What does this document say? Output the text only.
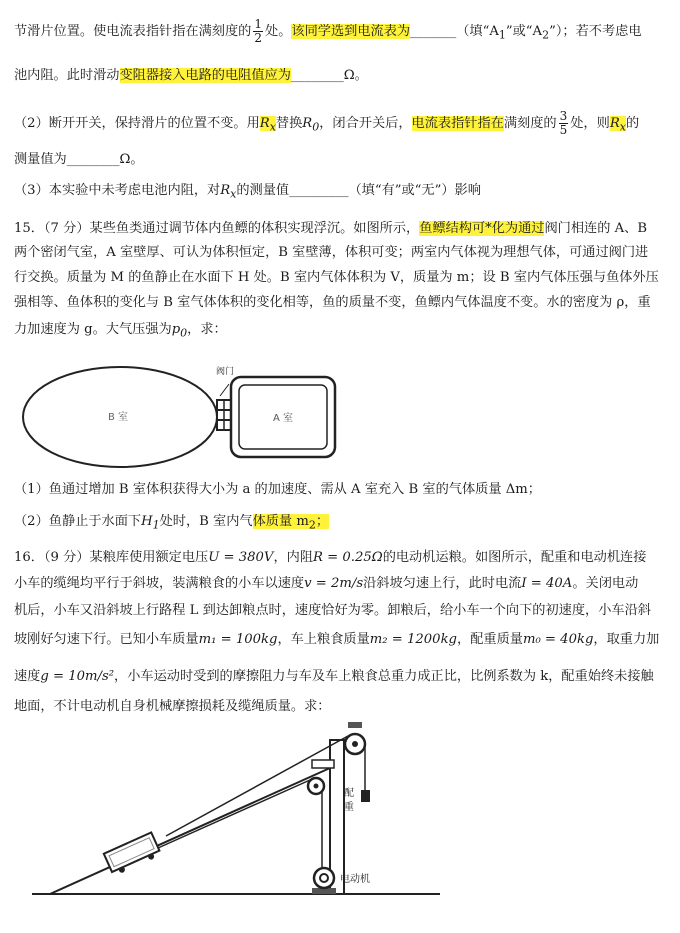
节滑片位置。使电流表指针指在满刻度的 $\frac{1}{2}$ 处。该同学选到电流表为_______（填“$A_1$”或“$A_2$”）；若不考虑电
池内阻。此时滑动变阻器接入电路的电阻值应为________Ω。
（2）断开开关，保持滑片的位置不变。用$R_x$替换$R_0$，闭合开关后，电流表指针指在满刻度的 $\frac{3}{5}$ 处，则$R_x$的
测量值为________Ω。
（3）本实验中未考虑电池内阻，对$R_x$的测量值_________（填“有”或“无”）影响
15．（7 分）某些鱼类通过调节体内鱼鳔的体积实现浮沉。如图所示，鱼鳔结构可*化为通过阀门相连的 A、B
两个密闭气室，A 室壁厚、可认为体积恒定，B 室壁薄，体积可变；两室内气体视为理想气体，可通过阀门进
行交换。质量为 M 的鱼静止在水面下 H 处。B 室内气体体积为 V，质量为 m；设 B 室内气体压强与鱼体外压
强相等、鱼体积的变化与 B 室气体体积的变化相等，鱼的质量不变，鱼鳔内气体温度不变。水的密度为 ρ，重
力加速度为 g。大气压强为$p_0$，求：
B 室
阀门
A 室
（1）鱼通过增加 B 室体积获得大小为 a 的加速度、需从 A 室充入 B 室的气体质量 Δm；
（2）鱼静止于水面下$H_1$处时，B 室内气体质量 $m_2$；
16．（9 分）某粮库使用额定电压U = 380V，内阻R = 0.25Ω的电动机运粮。如图所示，配重和电动机连接
小车的缆绳均平行于斜坡，装满粮食的小车以速度v = 2m/s沿斜坡匀速上行，此时电流I = 40A。关闭电动
机后，小车又沿斜坡上行路程 L 到达卸粮点时，速度恰好为零。卸粮后，给小车一个向下的初速度，小车沿斜
坡刚好匀速下行。已知小车质量m₁ = 100kg，车上粮食质量m₂ = 1200kg，配重质量m₀ = 40kg，取重力加
速度g = 10m/s²，小车运动时受到的摩擦阻力与车及车上粮食总重力成正比，比例系数为 k，配重始终未接触
地面，不计电动机自身机械摩擦损耗及缆绳质量。求：
配
重
电动机
